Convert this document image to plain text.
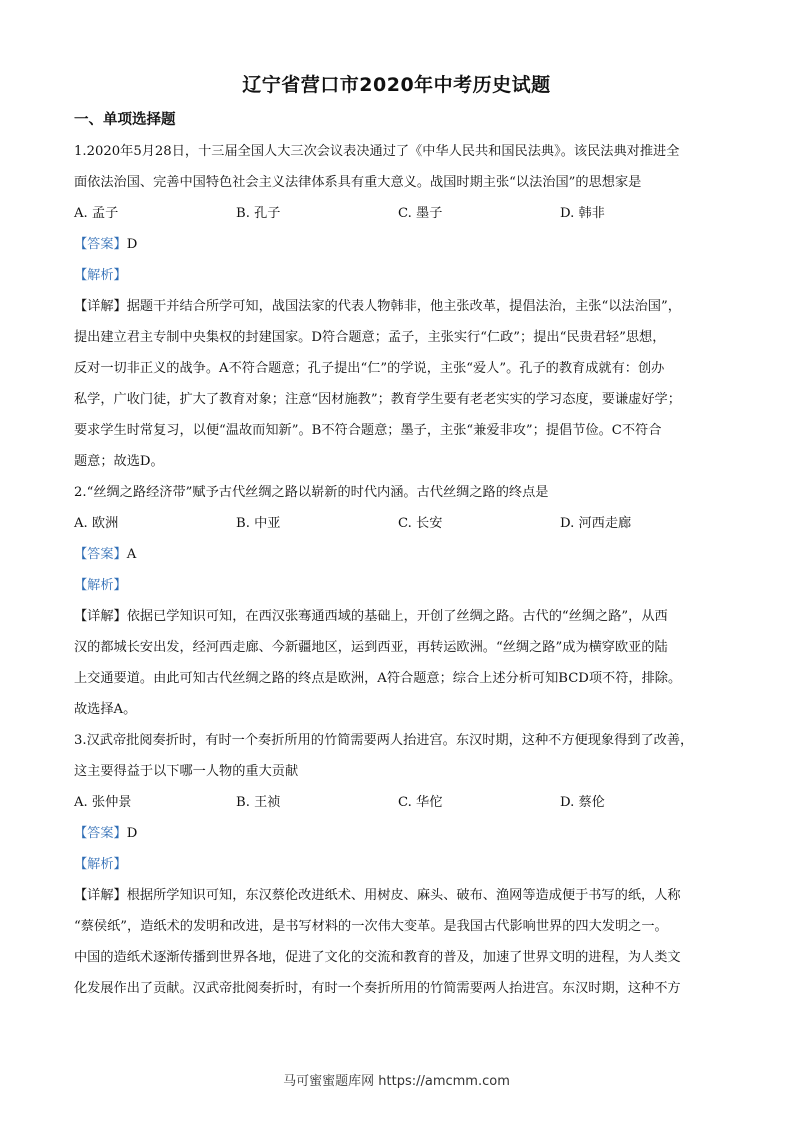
辽宁省营口市2020年中考历史试题
一、单项选择题
1.2020年5月28日，十三届全国人大三次会议表决通过了《中华人民共和国民法典》。该民法典对推进全
面依法治国、完善中国特色社会主义法律体系具有重大意义。战国时期主张“以法治国”的思想家是
A. 孟子	B. 孔子	C. 墨子	D. 韩非
【答案】D
【解析】
【详解】据题干并结合所学可知，战国法家的代表人物韩非，他主张改革，提倡法治，主张“以法治国”，
提出建立君主专制中央集权的封建国家。D符合题意；孟子，主张实行“仁政”；提出“民贵君轻”思想，
反对一切非正义的战争。A不符合题意；孔子提出“仁”的学说，主张“爱人”。孔子的教育成就有：创办
私学，广收门徒，扩大了教育对象；注意“因材施教”；教育学生要有老老实实的学习态度，要谦虚好学；
要求学生时常复习，以便“温故而知新”。B不符合题意；墨子，主张“兼爱非攻”；提倡节俭。C不符合
题意；故选D。
2.“丝绸之路经济带”赋予古代丝绸之路以崭新的时代内涵。古代丝绸之路的终点是
A. 欧洲	B. 中亚	C. 长安	D. 河西走廊
【答案】A
【解析】
【详解】依据已学知识可知，在西汉张骞通西域的基础上，开创了丝绸之路。古代的“丝绸之路”，从西
汉的都城长安出发，经河西走廊、今新疆地区，运到西亚，再转运欧洲。“丝绸之路”成为横穿欧亚的陆
上交通要道。由此可知古代丝绸之路的终点是欧洲，A符合题意；综合上述分析可知BCD项不符，排除。
故选择A。
3.汉武帝批阅奏折时，有时一个奏折所用的竹简需要两人抬进宫。东汉时期，这种不方便现象得到了改善，
这主要得益于以下哪一人物的重大贡献
A. 张仲景	B. 王祯	C. 华佗	D. 蔡伦
【答案】D
【解析】
【详解】根据所学知识可知，东汉蔡伦改进纸术、用树皮、麻头、破布、渔网等造成便于书写的纸，人称
“蔡侯纸”，造纸术的发明和改进，是书写材料的一次伟大变革。是我国古代影响世界的四大发明之一。
中国的造纸术逐渐传播到世界各地，促进了文化的交流和教育的普及，加速了世界文明的进程，为人类文
化发展作出了贡献。汉武帝批阅奏折时，有时一个奏折所用的竹简需要两人抬进宫。东汉时期，这种不方
马可蜜蜜题库网 https://amcmm.com
